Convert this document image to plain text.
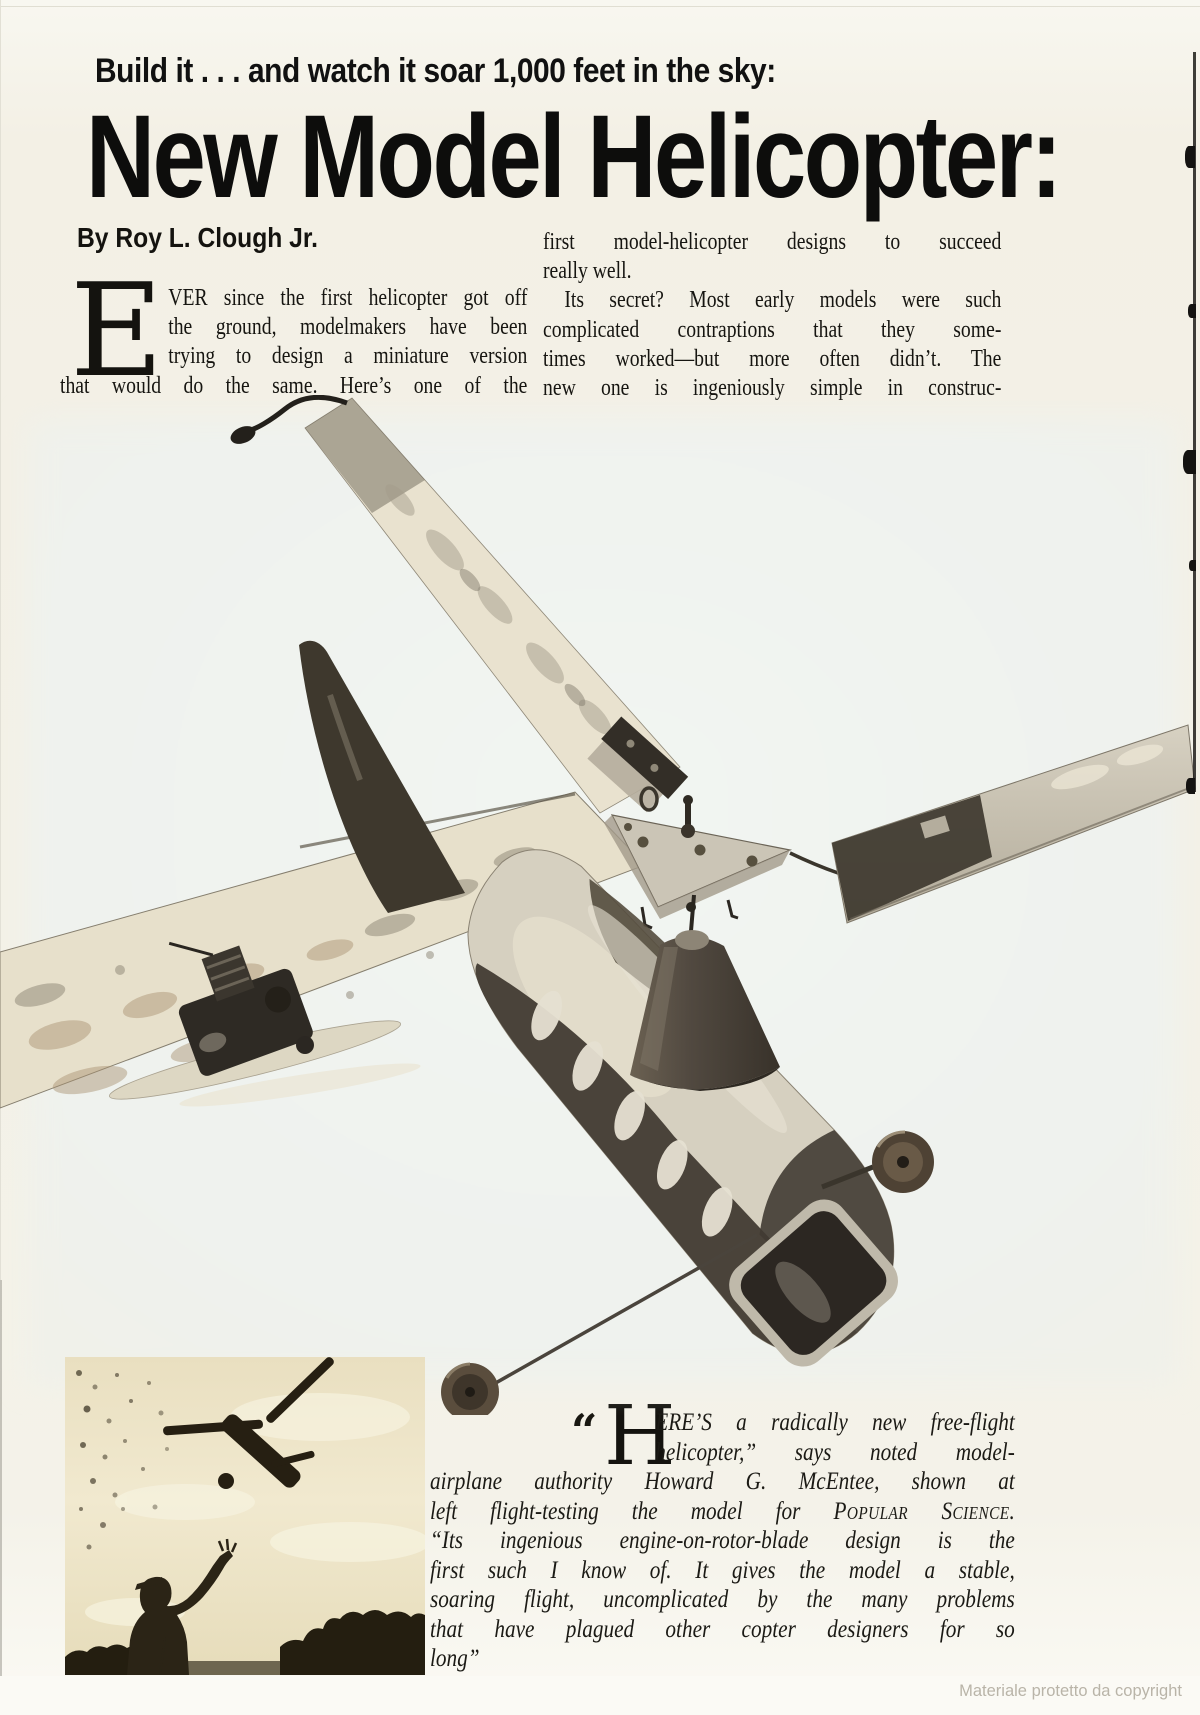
Build it . . . and watch it soar 1,000 feet in the sky:
New Model Helicopter:
By Roy L. Clough Jr.
E VER since the first helicopter got off
the ground, modelmakers have been
trying to design a miniature version
that would do the same. Here’s one of the
first model-helicopter designs to succeed
really well.
Its secret? Most early models were such
complicated contraptions that they some-
times worked—but more often didn’t. The
new one is ingeniously simple in construc-
“ H
ERE’S a radically new free-flight
helicopter,” says noted model-
airplane authority Howard G. McEntee, shown at
left flight-testing the model for Popular Science.
“Its ingenious engine-on-rotor-blade design is the
first such I know of. It gives the model a stable,
soaring flight, uncomplicated by the many problems
that have plagued other copter designers for so
long”
Materiale protetto da copyright
